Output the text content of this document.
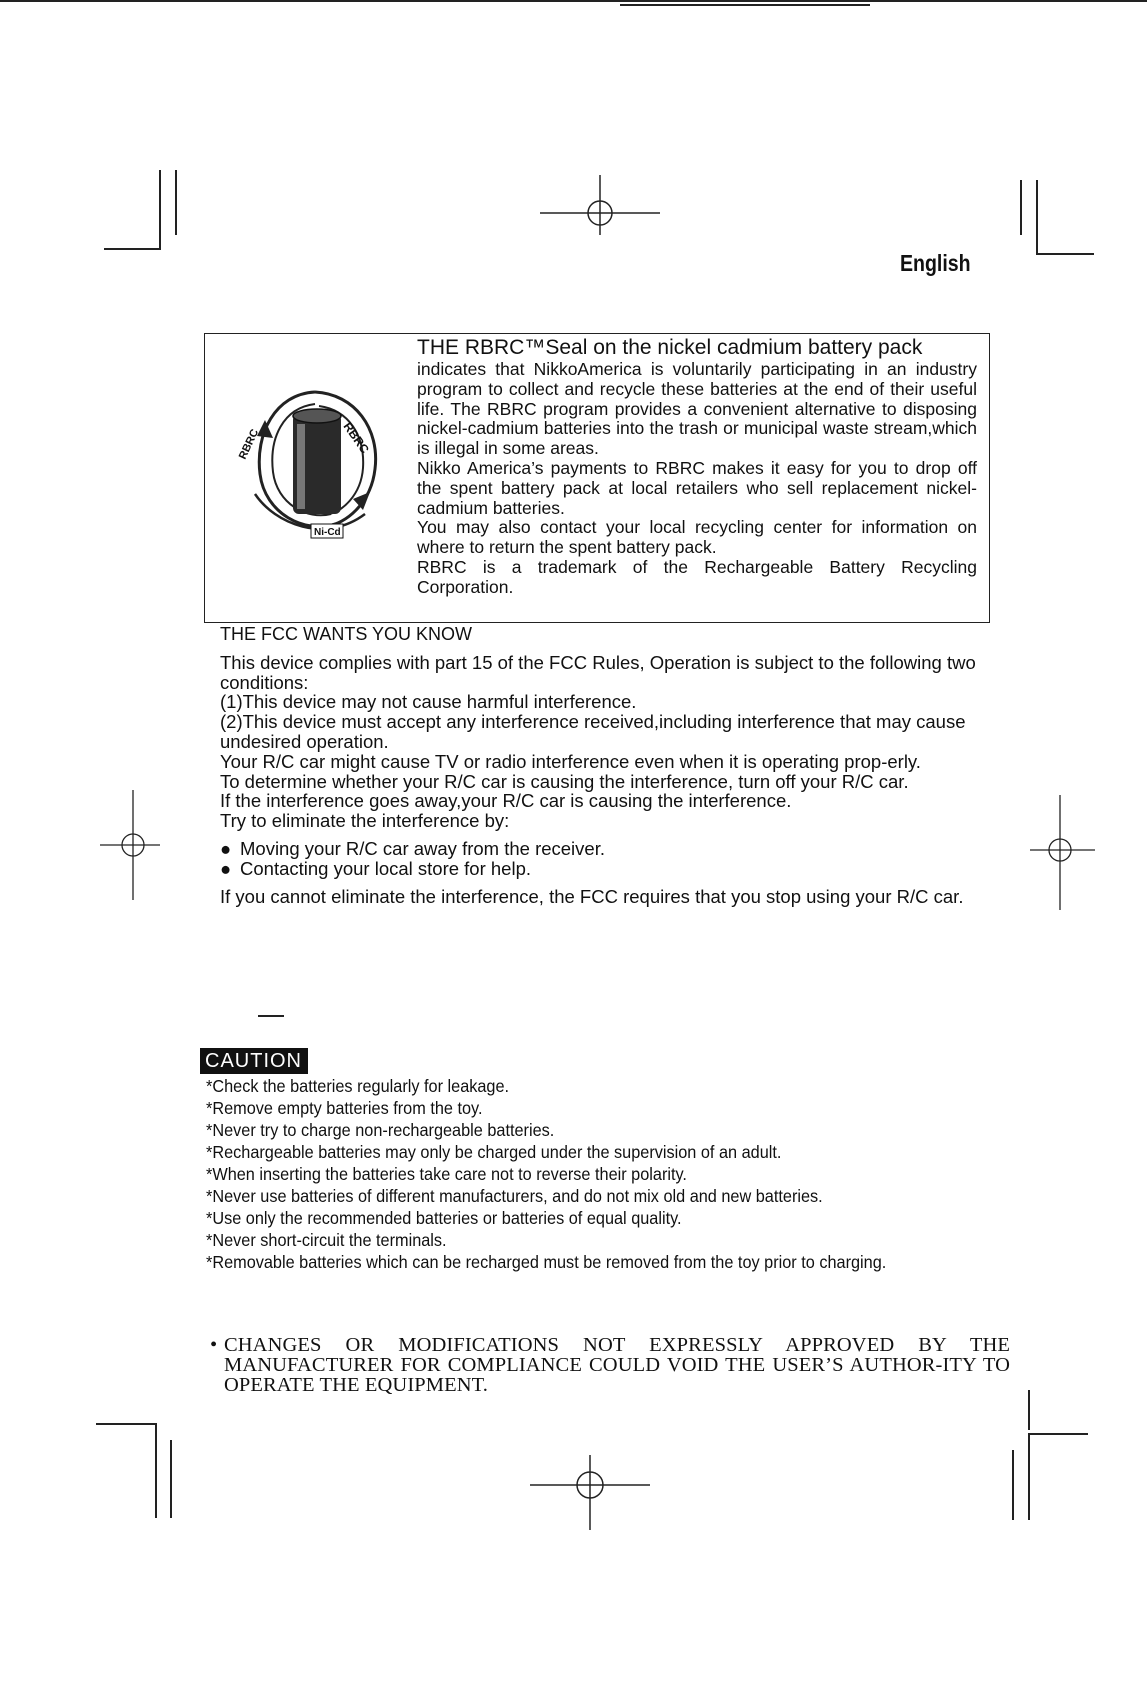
English
RBRC
RBRC
Ni-Cd

THE RBRC™Seal on the nickel cadmium battery pack

indicates that NikkoAmerica is voluntarily participating in an industry program to collect and recycle these batteries at the end of their useful life. The RBRC program provides a convenient alternative to disposing nickel-cadmium batteries into the trash or municipal waste stream,which is illegal in some areas.

Nikko America’s payments to RBRC makes it easy for you to drop off the spent battery pack at local retailers who sell replacement nickel-cadmium batteries.

You may also contact your local recycling center for information on where to return the spent battery pack.

RBRC is a trademark of the Rechargeable Battery Recycling Corporation.

THE FCC WANTS YOU KNOW

This device complies with part 15 of the FCC Rules, Operation is subject to the following two conditions:

(1)This device may not cause harmful interference.

(2)This device must accept any interference received,including interference that may cause undesired operation.

Your R/C car might cause TV or radio interference even when it is operating prop-erly.

To determine whether your R/C car is causing the interference, turn off your R/C car.

If the interference goes away,your R/C car is causing the interference.

Try to eliminate the interference by:

● Moving your R/C car away from the receiver.
● Contacting your local store for help.

If you cannot eliminate the interference, the FCC requires that you stop using your R/C car.

CAUTION

*Check the batteries regularly for leakage.

*Remove empty batteries from the toy.

*Never try to charge non-rechargeable batteries.

*Rechargeable batteries may only be charged under the supervision of an adult.

*When inserting the batteries take care not to reverse their polarity.

*Never use batteries of different manufacturers, and do not mix old and new batteries.

*Use only the recommended batteries or batteries of equal quality.

*Never short-circuit the terminals.

*Removable batteries which can be recharged must be removed from the toy prior to charging.

• CHANGES OR MODIFICATIONS NOT EXPRESSLY APPROVED BY THE MANUFACTURER FOR COMPLIANCE COULD VOID THE USER’S AUTHOR-ITY TO OPERATE THE EQUIPMENT.
